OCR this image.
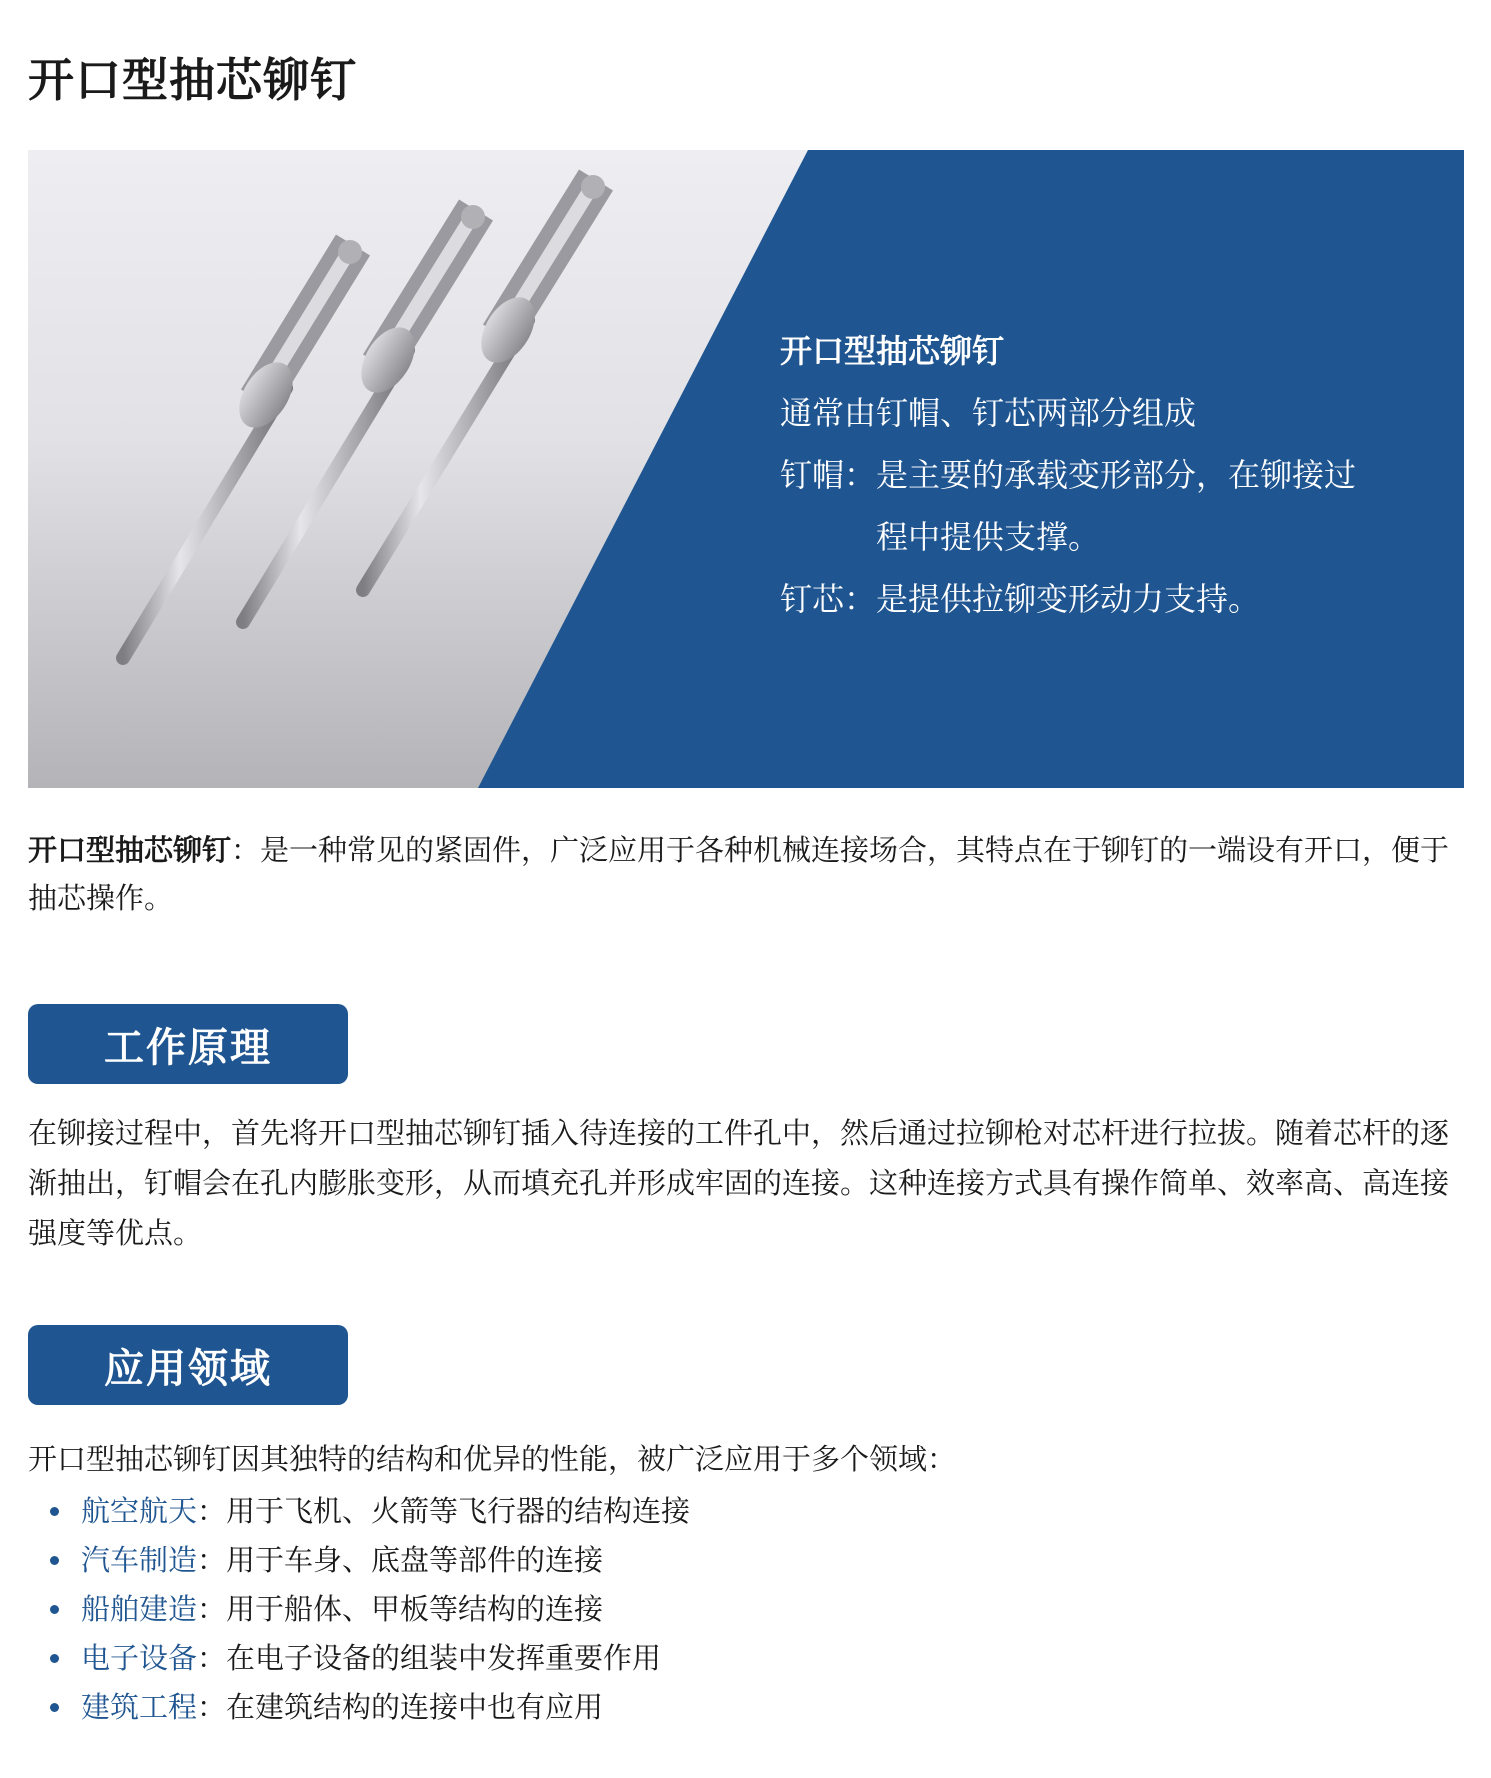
开口型抽芯铆钉
开口型抽芯铆钉
通常由钉帽、钉芯两部分组成
钉帽： 是主要的承载变形部分，在铆接过程中提供支撑。
钉芯： 是提供拉铆变形动力支持。
开口型抽芯铆钉：是一种常见的紧固件，广泛应用于各种机械连接场合，其特点在于铆钉的一端设有开口，便于抽芯操作。
工作原理
在铆接过程中，首先将开口型抽芯铆钉插入待连接的工件孔中，然后通过拉铆枪对芯杆进行拉拔。随着芯杆的逐渐抽出，钉帽会在孔内膨胀变形，从而填充孔并形成牢固的连接。这种连接方式具有操作简单、效率高、高连接强度等优点。
应用领域
开口型抽芯铆钉因其独特的结构和优异的性能，被广泛应用于多个领域：
航空航天 ：用于飞机、火箭等飞行器的结构连接
汽车制造 ：用于车身、底盘等部件的连接
船舶建造 ：用于船体、甲板等结构的连接
电子设备 ：在电子设备的组装中发挥重要作用
建筑工程 ：在建筑结构的连接中也有应用
